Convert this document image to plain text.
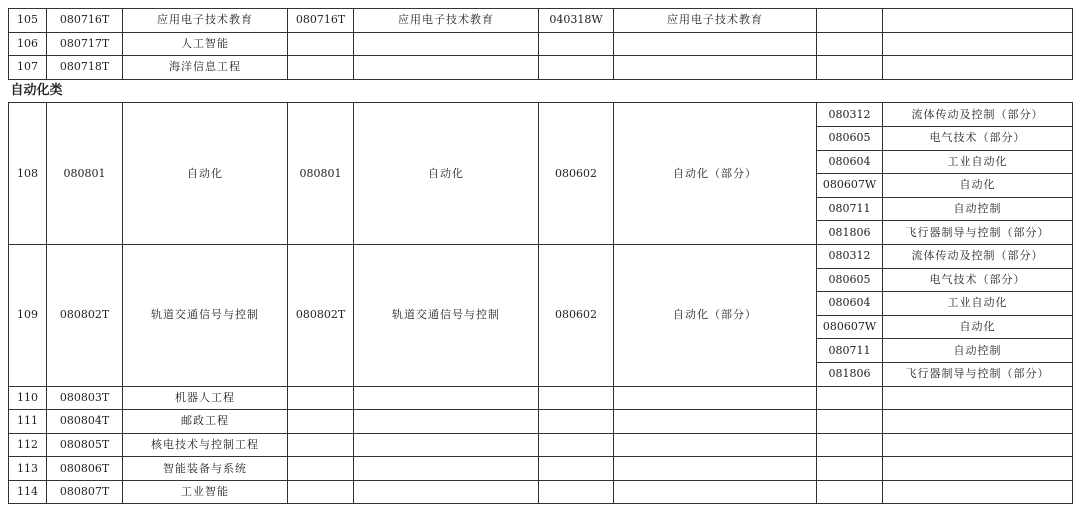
105	080716T	应用电子技术教育	080716T	应用电子技术教育	040318W	应用电子技术教育		
106	080717T	人工智能						
107	080718T	海洋信息工程						
自动化类								
108	080801	自动化	080801	自动化	080602	自动化（部分）	080312	流体传动及控制（部分）
							080605	电气技术（部分）
							080604	工业自动化
							080607W	自动化
							080711	自动控制
							081806	飞行器制导与控制（部分）
109	080802T	轨道交通信号与控制	080802T	轨道交通信号与控制	080602	自动化（部分）	080312	流体传动及控制（部分）
							080605	电气技术（部分）
							080604	工业自动化
							080607W	自动化
							080711	自动控制
							081806	飞行器制导与控制（部分）
110	080803T	机器人工程						
111	080804T	邮政工程						
112	080805T	核电技术与控制工程						
113	080806T	智能装备与系统						
114	080807T	工业智能						
